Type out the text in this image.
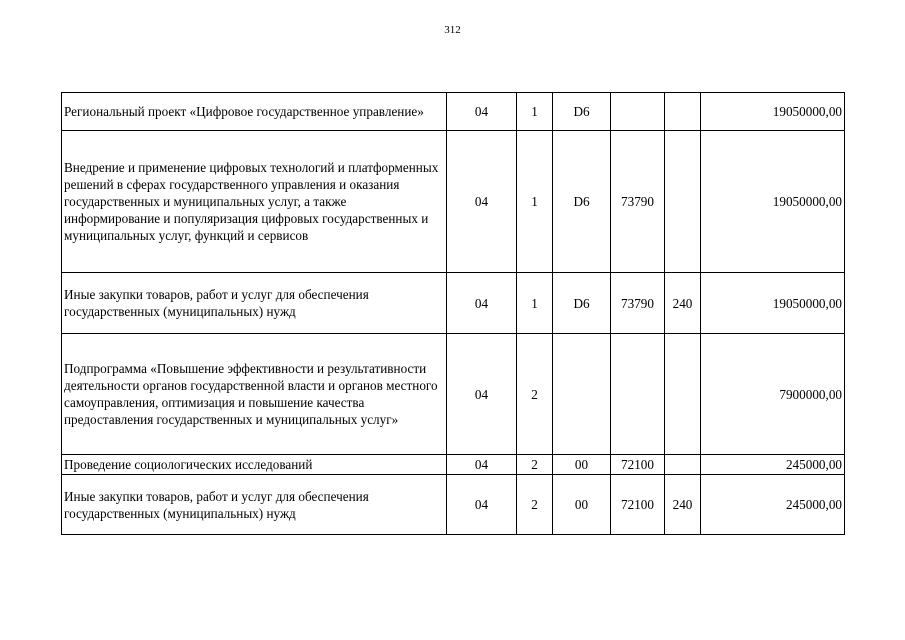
312
Региональный проект «Цифровое государственное управление»	04	1	D6			19050000,00
Внедрение и применение цифровых технологий и платформенных решений в сферах государственного управления и оказания государственных и муниципальных услуг, а также информирование и популяризация цифровых государственных и муниципальных услуг, функций и сервисов	04	1	D6	73790		19050000,00
Иные закупки товаров, работ и услуг для обеспечения государственных (муниципальных) нужд	04	1	D6	73790	240	19050000,00
Подпрограмма «Повышение эффективности и результативности деятельности органов государственной власти и органов местного самоуправления, оптимизация и повышение качества предоставления государственных и муниципальных услуг»	04	2				7900000,00
Проведение социологических исследований	04	2	00	72100		245000,00
Иные закупки товаров, работ и услуг для обеспечения государственных (муниципальных) нужд	04	2	00	72100	240	245000,00
